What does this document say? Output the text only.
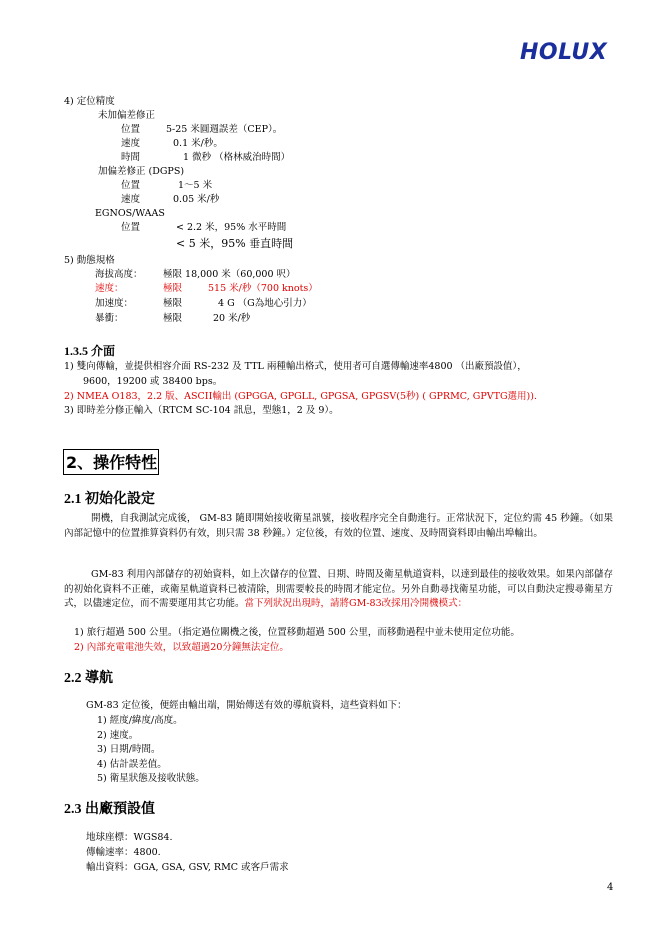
HOLUX
4) 定位精度
未加偏差修正
位置	5-25 米圓週誤差（CEP）。
速度	0.1 米/秒。
時間	1 微秒 （格林威治時間）
加偏差修正 (DGPS)
位置	1～5 米
速度	0.05 米/秒
EGNOS/WAAS
位置	< 2.2 米，95% 水平時間
< 5 米，95% 垂直時間
5) 動態規格
海拔高度： 極限 18,000 米（60,000 呎）
速度：	極限	515 米/秒（700 knots）
加速度：	極限	4 G （G為地心引力）
暴衝：	極限	20 米/秒
1.3.5 介面
1) 雙向傳輸，並提供相容介面 RS-232 及 TTL 兩種輸出格式，使用者可自選傳輸速率4800 （出廠預設值），
9600，19200 或 38400 bps。
2) NMEA O183，2.2 版、ASCII輸出 (GPGGA, GPGLL, GPGSA, GPGSV(5秒) ( GPRMC, GPVTG選用)).
3) 即時差分修正輸入（RTCM SC-104 訊息，型態1，2 及 9）。
2、操作特性
2.1 初始化設定
開機，自我測試完成後， GM-83 隨即開始接收衛星訊號，接收程序完全自動進行。正常狀況下，定位約需 45 秒鐘。（如果內部記憶中的位置推算資料仍有效，則只需 38 秒鐘。）定位後，有效的位置、速度、及時間資料即由輸出埠輸出。
GM-83 利用內部儲存的初始資料，如上次儲存的位置、日期、時間及衛星軌道資料，以達到最佳的接收效果。如果內部儲存的初始化資料不正確，或衛星軌道資料已被清除，則需要較長的時間才能定位。另外自動尋找衛星功能，可以自動決定搜尋衛星方式，以儘速定位，而不需要運用其它功能。當下列狀況出現時，請將GM-83改採用冷開機模式：
1) 旅行超過 500 公里。（指定過位關機之後，位置移動超過 500 公里，而移動過程中並未使用定位功能。
2) 內部充電電池失效，以致超過20分鐘無法定位。
2.2 導航
GM-83 定位後，便經由輸出端，開始傳送有效的導航資料，這些資料如下：
1) 經度/緯度/高度。
2) 速度。
3) 日期/時間。
4) 估計誤差值。
5) 衛星狀態及接收狀態。
2.3 出廠預設值
地球座標：WGS84.
傳輸速率：4800.
輸出資料：GGA, GSA, GSV, RMC 或客戶需求
4
